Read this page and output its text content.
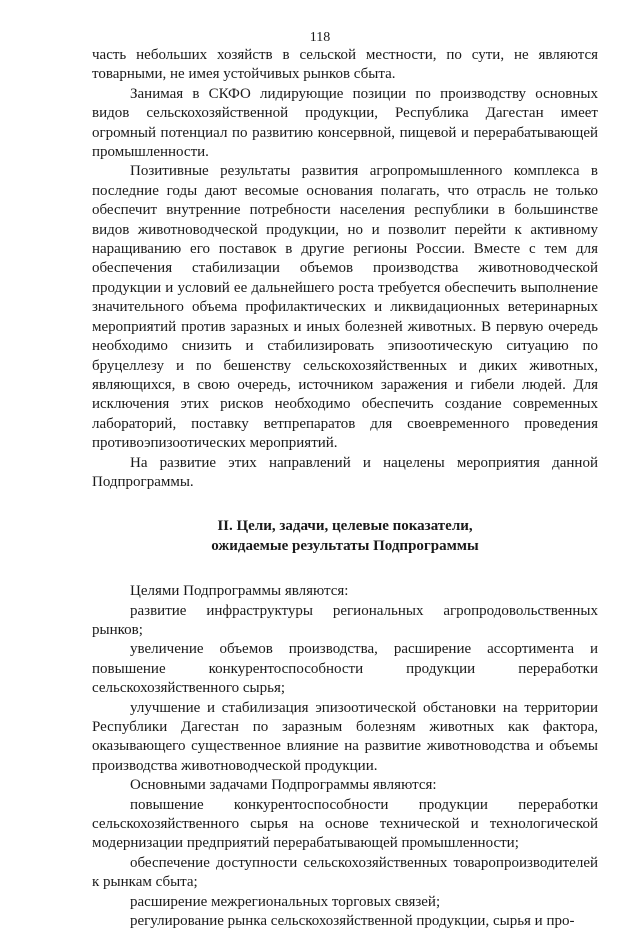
118

часть небольших хозяйств в сельской местности, по сути, не являются товарными, не имея устойчивых рынков сбыта.

Занимая в СКФО лидирующие позиции по производству основных видов сельскохозяйственной продукции, Республика Дагестан имеет огромный потенциал по развитию консервной, пищевой и перерабатывающей промышленности.

Позитивные результаты развития агропромышленного комплекса в последние годы дают весомые основания полагать, что отрасль не только обеспечит внутренние потребности населения республики в большинстве видов животноводческой продукции, но и позволит перейти к активному наращиванию его поставок в другие регионы России. Вместе с тем для обеспечения стабилизации объемов производства животноводческой продукции и условий ее дальнейшего роста требуется обеспечить выполнение значительного объема профилактических и ликвидационных ветеринарных мероприятий против заразных и иных болезней животных. В первую очередь необходимо снизить и стабилизировать эпизоотическую ситуацию по бруцеллезу и по бешенству сельскохозяйственных и диких животных, являющихся, в свою очередь, источником заражения и гибели людей. Для исключения этих рисков необходимо обеспечить создание современных лабораторий, поставку ветпрепаратов для своевременного проведения противоэпизоотических мероприятий.

На развитие этих направлений и нацелены мероприятия данной Подпрограммы.

II. Цели, задачи, целевые показатели,
ожидаемые результаты Подпрограммы

Целями Подпрограммы являются:

развитие инфраструктуры региональных агропродовольственных рынков;

увеличение объемов производства, расширение ассортимента и повышение конкурентоспособности продукции переработки сельскохозяйственного сырья;

улучшение и стабилизация эпизоотической обстановки на территории Республики Дагестан по заразным болезням животных как фактора, оказывающего существенное влияние на развитие животноводства и объемы производства животноводческой продукции.

Основными задачами Подпрограммы являются:

повышение конкурентоспособности продукции переработки сельскохозяйственного сырья на основе технической и технологической модернизации предприятий перерабатывающей промышленности;

обеспечение доступности сельскохозяйственных товаропроизводителей к рынкам сбыта;

расширение межрегиональных торговых связей;

регулирование рынка сельскохозяйственной продукции, сырья и про-
